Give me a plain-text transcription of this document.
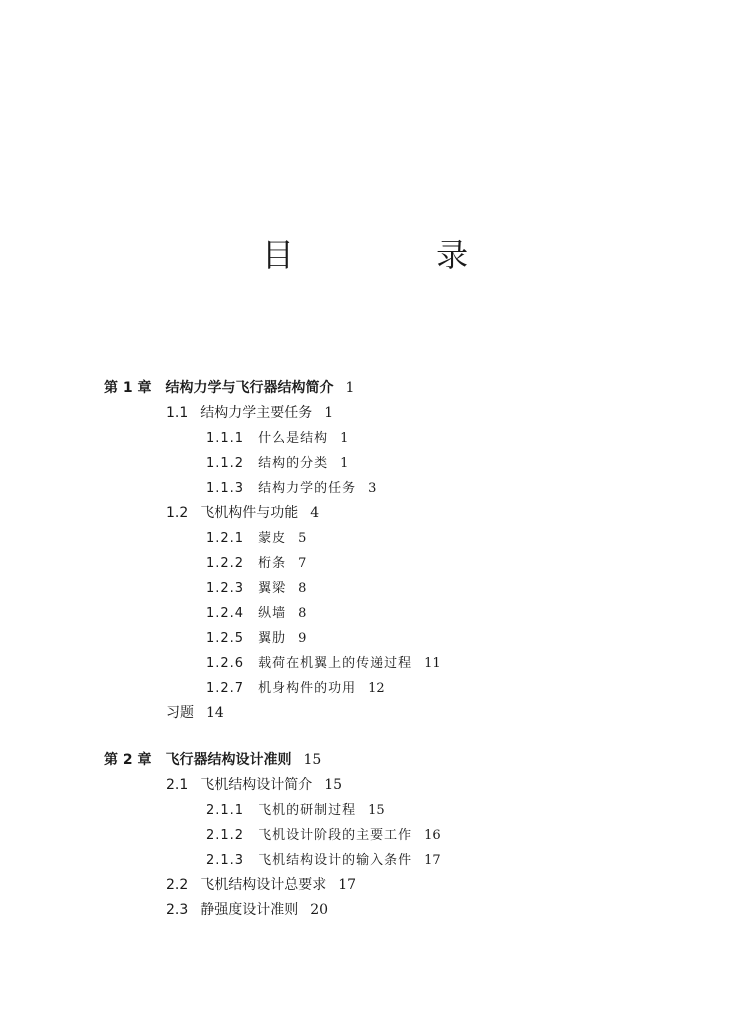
目 录
第 1 章 结构力学与飞行器结构简介 1
1.1 结构力学主要任务 1
1.1.1 什么是结构 1
1.1.2 结构的分类 1
1.1.3 结构力学的任务 3
1.2 飞机构件与功能 4
1.2.1 蒙皮 5
1.2.2 桁条 7
1.2.3 翼梁 8
1.2.4 纵墙 8
1.2.5 翼肋 9
1.2.6 载荷在机翼上的传递过程 11
1.2.7 机身构件的功用 12
习题 14
第 2 章 飞行器结构设计准则 15
2.1 飞机结构设计简介 15
2.1.1 飞机的研制过程 15
2.1.2 飞机设计阶段的主要工作 16
2.1.3 飞机结构设计的输入条件 17
2.2 飞机结构设计总要求 17
2.3 静强度设计准则 20
